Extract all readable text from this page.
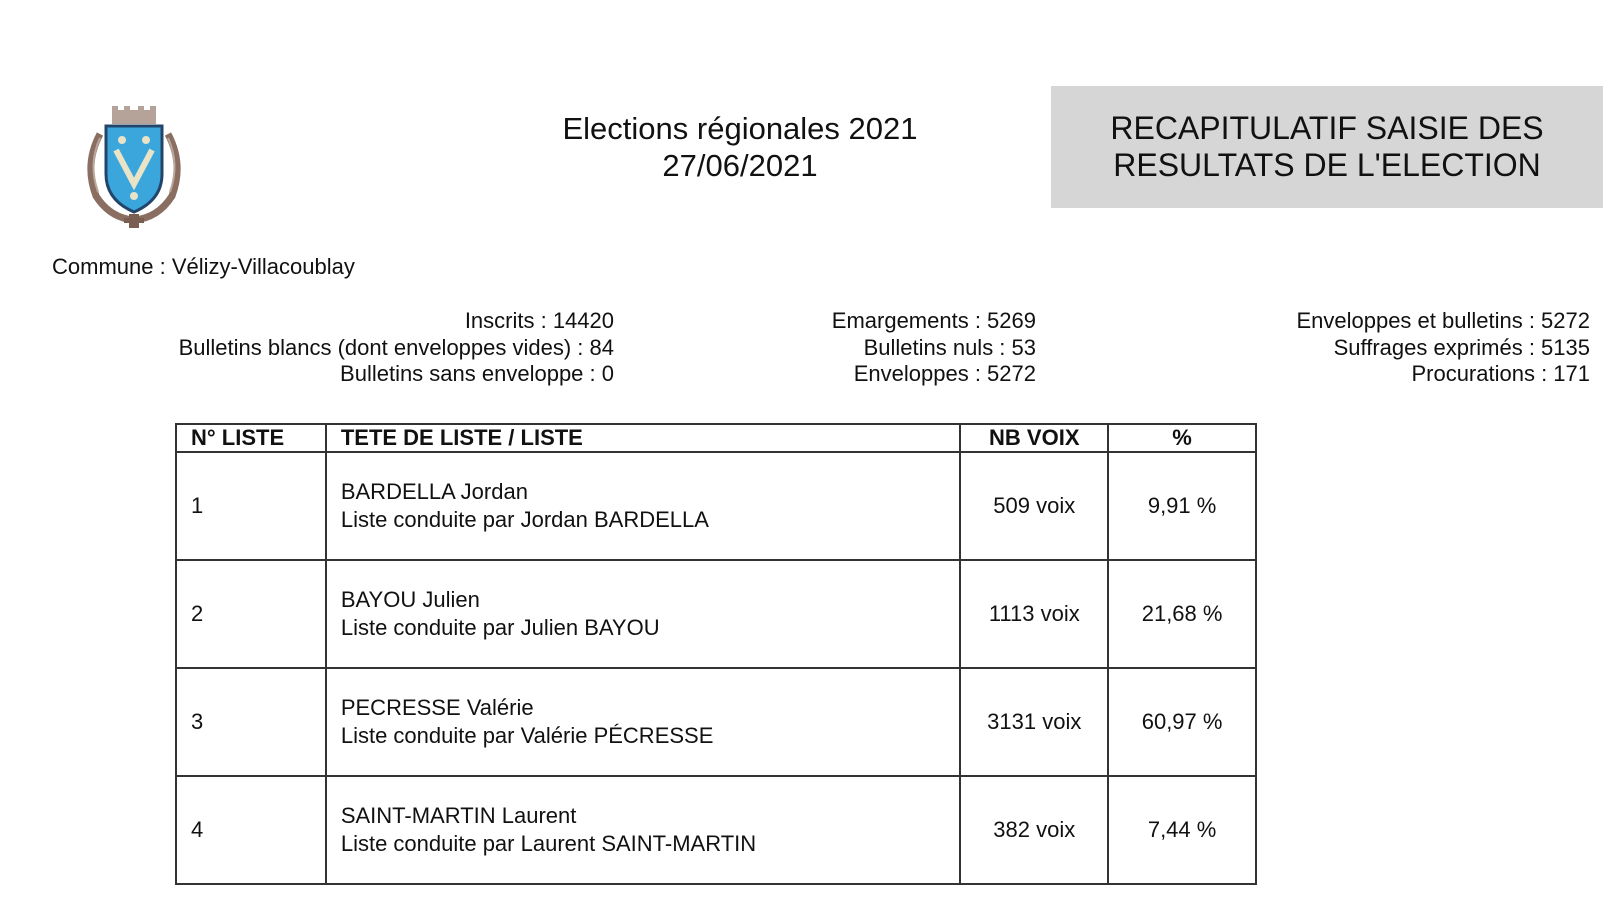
Elections régionales 2021
27/06/2021
RECAPITULATIF SAISIE DES
RESULTATS DE L'ELECTION
Commune : Vélizy-Villacoublay
Inscrits : 14420
Bulletins blancs (dont enveloppes vides) : 84
Bulletins sans enveloppe : 0
Emargements : 5269
Bulletins nuls : 53
Enveloppes : 5272
Enveloppes et bulletins : 5272
Suffrages exprimés : 5135
Procurations : 171
N° LISTE	TETE DE LISTE / LISTE	NB VOIX	%
1	BARDELLA Jordan
Liste conduite par Jordan BARDELLA	509 voix	9,91 %
2	BAYOU Julien
Liste conduite par Julien BAYOU	1113 voix	21,68 %
3	PECRESSE Valérie
Liste conduite par Valérie PÉCRESSE	3131 voix	60,97 %
4	SAINT-MARTIN Laurent
Liste conduite par Laurent SAINT-MARTIN	382 voix	7,44 %
